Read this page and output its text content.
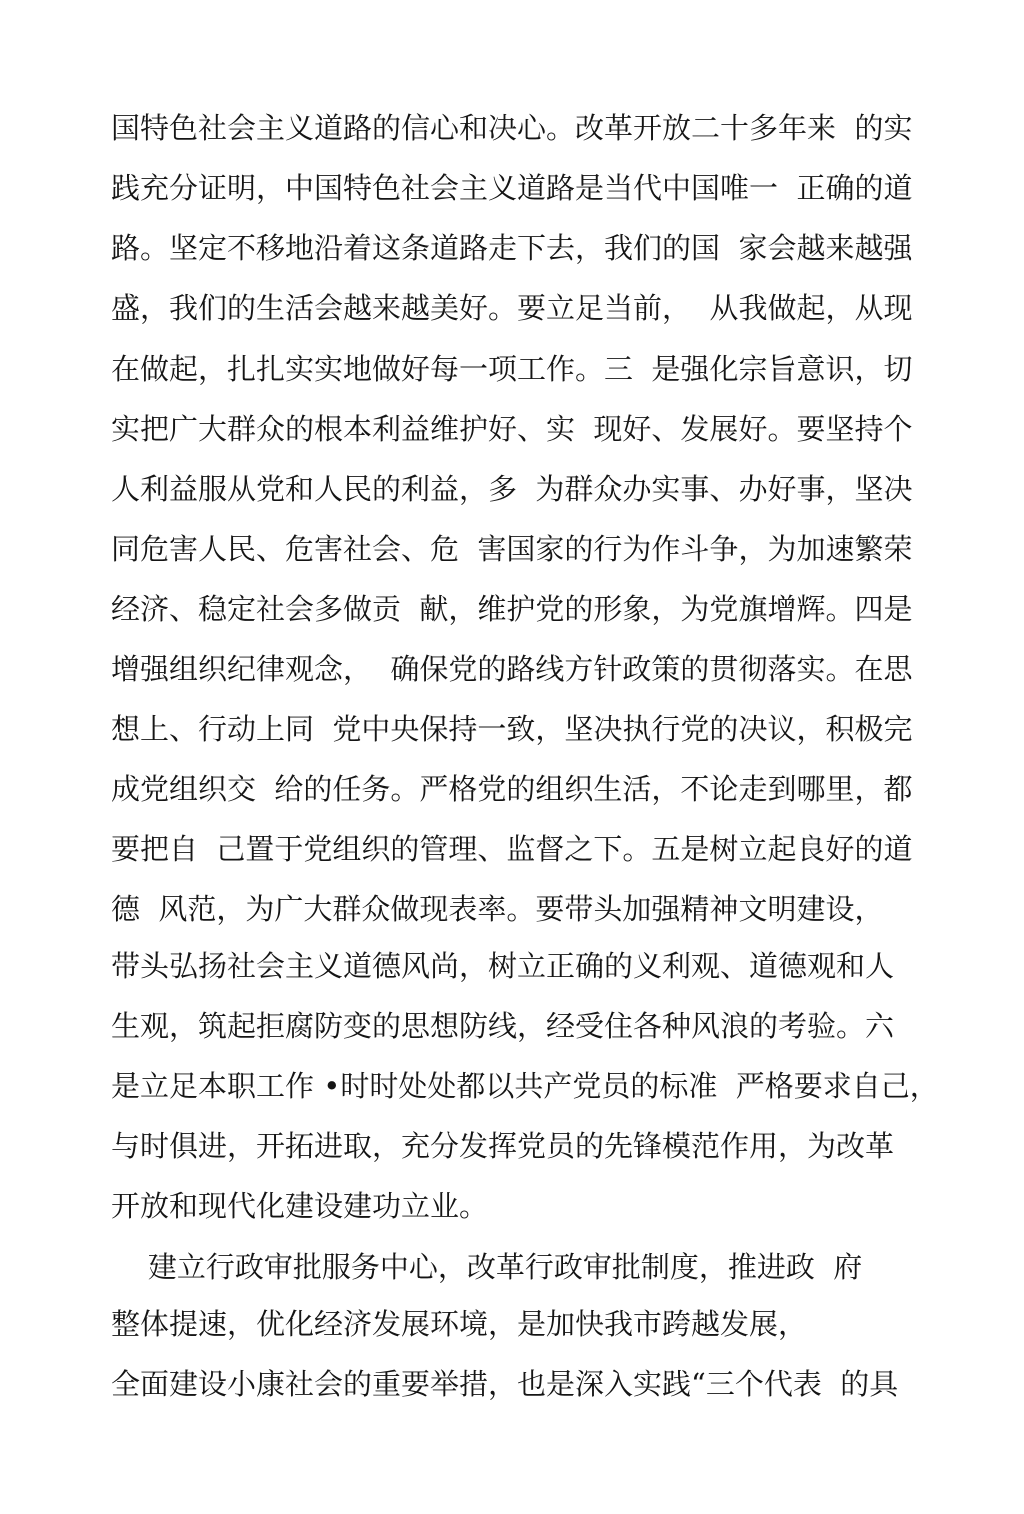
国特色社会主义道路的信心和决心。改革开放二十多年来  的实
践充分证明，中国特色社会主义道路是当代中国唯一  正确的道
路。坚定不移地沿着这条道路走下去，我们的国  家会越来越强
盛，我们的生活会越来越美好。要立足当前，  从我做起，从现
在做起，扎扎实实地做好每一项工作。三  是强化宗旨意识，切
实把广大群众的根本利益维护好、实  现好、发展好。要坚持个
人利益服从党和人民的利益，多  为群众办实事、办好事，坚决
同危害人民、危害社会、危  害国家的行为作斗争，为加速繁荣
经济、稳定社会多做贡  献，维护党的形象，为党旗增辉。四是
增强组织纪律观念，  确保党的路线方针政策的贯彻落实。在思
想上、行动上同  党中央保持一致，坚决执行党的决议，积极完
成党组织交  给的任务。严格党的组织生活，不论走到哪里，都
要把自  己置于党组织的管理、监督之下。五是树立起良好的道
德  风范，为广大群众做现表率。要带头加强精神文明建设，
带头弘扬社会主义道德风尚，树立正确的义利观、道德观和人
生观，筑起拒腐防变的思想防线，经受住各种风浪的考验。六
是立足本职工作 •时时处处都以共产党员的标准  严格要求自己，
与时俱进，开拓进取，充分发挥党员的先锋模范作用，为改革
开放和现代化建设建功立业。
建立行政审批服务中心，改革行政审批制度，推进政  府
整体提速，优化经济发展环境，是加快我市跨越发展，
全面建设小康社会的重要举措，也是深入实践“三个代表  的具
